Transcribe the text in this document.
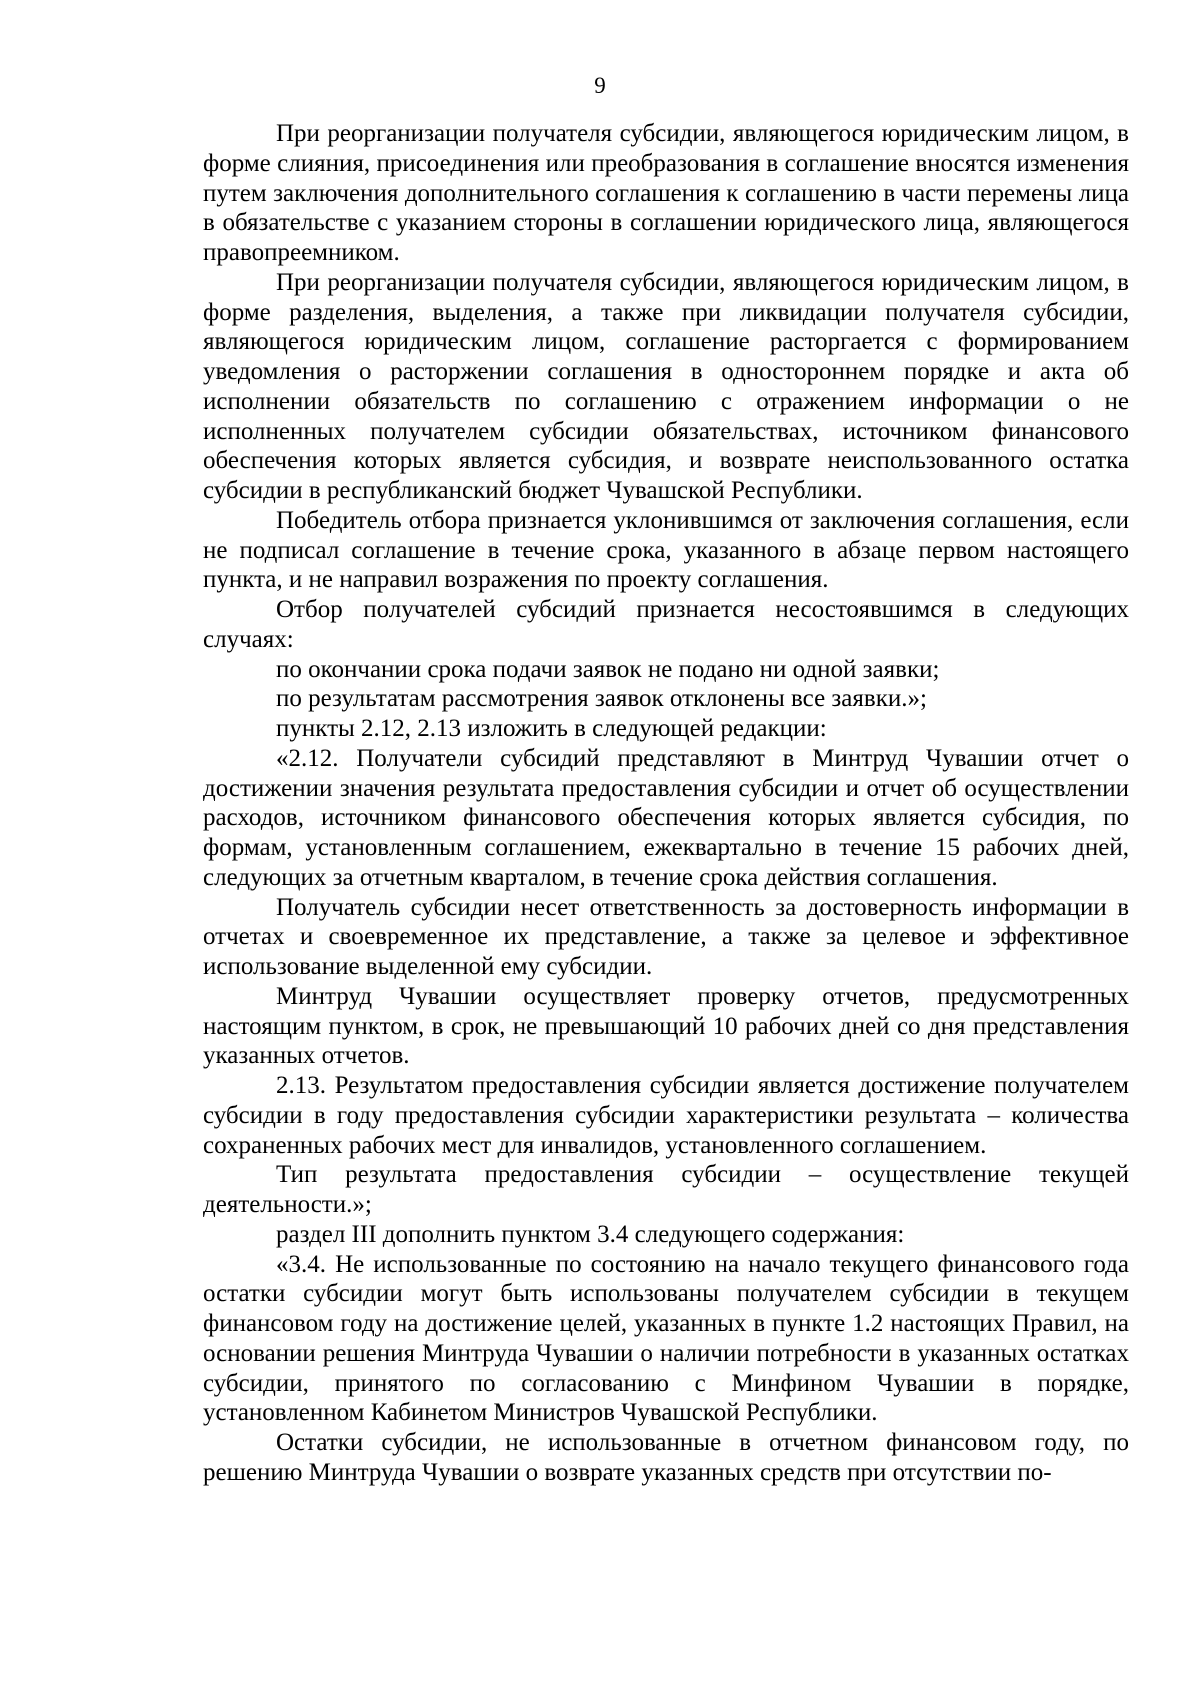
9

При реорганизации получателя субсидии, являющегося юридическим лицом, в форме слияния, присоединения или преобразования в соглашение вносятся изменения путем заключения дополнительного соглашения к соглашению в части перемены лица в обязательстве с указанием стороны в соглашении юридического лица, являющегося правопреемником.

При реорганизации получателя субсидии, являющегося юридическим лицом, в форме разделения, выделения, а также при ликвидации получателя субсидии, являющегося юридическим лицом, соглашение расторгается с формированием уведомления о расторжении соглашения в одностороннем порядке и акта об исполнении обязательств по соглашению с отражением информации о не исполненных получателем субсидии обязательствах, источником финансового обеспечения которых является субсидия, и возврате неиспользованного остатка субсидии в республиканский бюджет Чувашской Республики.

Победитель отбора признается уклонившимся от заключения соглашения, если не подписал соглашение в течение срока, указанного в абзаце первом настоящего пункта, и не направил возражения по проекту соглашения.

Отбор получателей субсидий признается несостоявшимся в следующих случаях:

по окончании срока подачи заявок не подано ни одной заявки;

по результатам рассмотрения заявок отклонены все заявки.»;

пункты 2.12, 2.13 изложить в следующей редакции:

«2.12. Получатели субсидий представляют в Минтруд Чувашии отчет о достижении значения результата предоставления субсидии и отчет об осуществлении расходов, источником финансового обеспечения которых является субсидия, по формам, установленным соглашением, ежеквартально в течение 15 рабочих дней, следующих за отчетным кварталом, в течение срока действия соглашения.

Получатель субсидии несет ответственность за достоверность информации в отчетах и своевременное их представление, а также за целевое и эффективное использование выделенной ему субсидии.

Минтруд Чувашии осуществляет проверку отчетов, предусмотренных настоящим пунктом, в срок, не превышающий 10 рабочих дней со дня представления указанных отчетов.

2.13. Результатом предоставления субсидии является достижение получателем субсидии в году предоставления субсидии характеристики результата – количества сохраненных рабочих мест для инвалидов, установленного соглашением.

Тип результата предоставления субсидии – осуществление текущей деятельности.»;

раздел III дополнить пунктом 3.4 следующего содержания:

«3.4. Не использованные по состоянию на начало текущего финансового года остатки субсидии могут быть использованы получателем субсидии в текущем финансовом году на достижение целей, указанных в пункте 1.2 настоящих Правил, на основании решения Минтруда Чувашии о наличии потребности в указанных остатках субсидии, принятого по согласованию с Минфином Чувашии в порядке, установленном Кабинетом Министров Чувашской Республики.

Остатки субсидии, не использованные в отчетном финансовом году, по решению Минтруда Чувашии о возврате указанных средств при отсутствии по-
